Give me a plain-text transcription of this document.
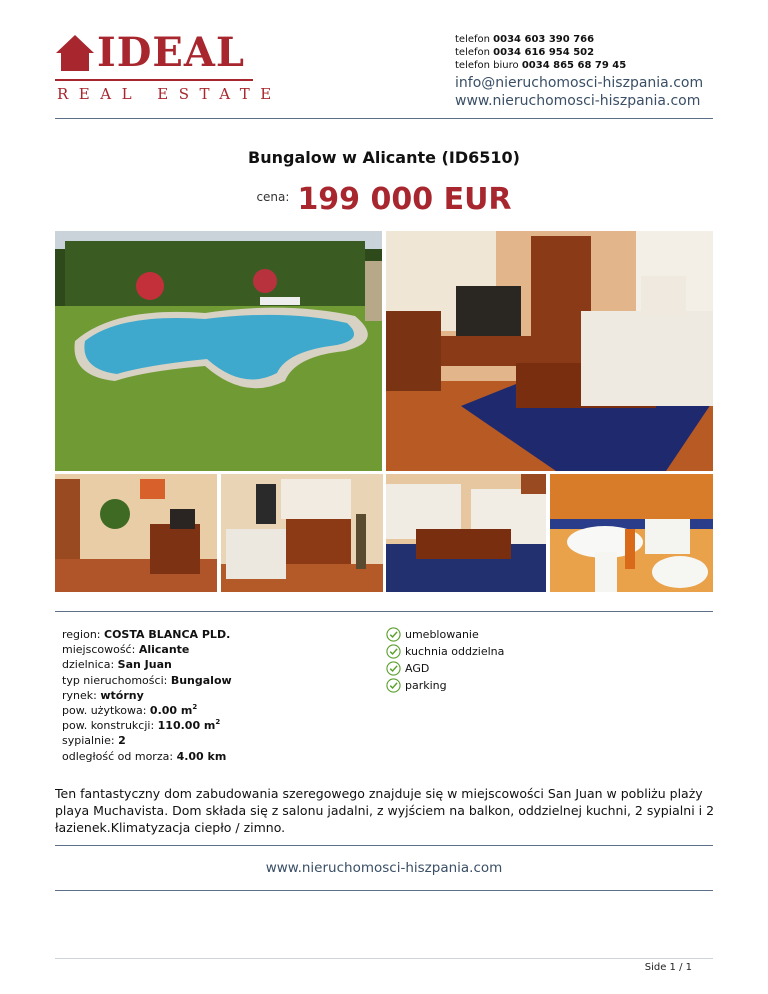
IDEAL
REAL ESTATE
telefon 0034 603 390 766
telefon 0034 616 954 502
telefon biuro 0034 865 68 79 45
info@nieruchomosci-hiszpania.com
www.nieruchomosci-hiszpania.com
Bungalow w Alicante (ID6510)
$^{cena:}$ 199 000 EUR
region: COSTA BLANCA PLD.
miejscowość: Alicante
dzielnica: San Juan
typ nieruchomości: Bungalow
rynek: wtórny
pow. użytkowa: 0.00 $m^2$
pow. konstrukcji: 110.00 $m^2$
sypialnie: 2
odległość od morza: 4.00 km
umeblowanie
kuchnia oddzielna
AGD
parking
Ten fantastyczny dom zabudowania szeregowego znajduje się w miejscowości San Juan w pobliżu plaży playa Muchavista. Dom składa się z salonu jadalni, z wyjściem na balkon, oddzielnej kuchni, 2 sypialni i 2 łazienek.Klimatyzacja ciepło / zimno.
www.nieruchomosci-hiszpania.com
Side 1 / 1
